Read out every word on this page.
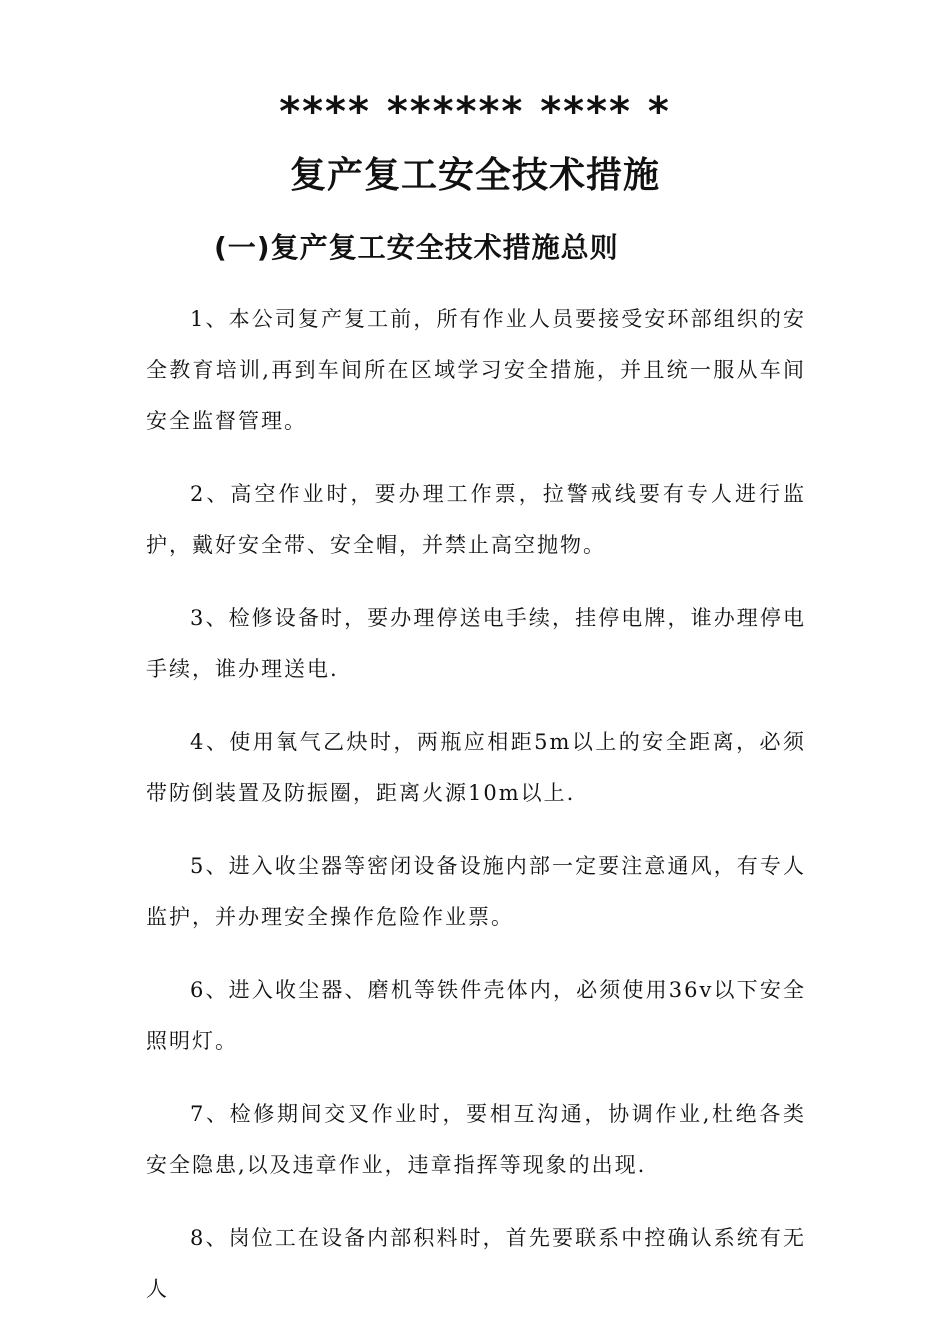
**** ****** **** *
复产复工安全技术措施
(一)复产复工安全技术措施总则

1、本公司复产复工前，所有作业人员要接受安环部组织的安全教育培训,再到车间所在区域学习安全措施，并且统一服从车间安全监督管理。

2、高空作业时，要办理工作票，拉警戒线要有专人进行监护，戴好安全带、安全帽，并禁止高空抛物。

3、检修设备时，要办理停送电手续，挂停电牌，谁办理停电手续，谁办理送电.

4、使用氧气乙炔时，两瓶应相距5m以上的安全距离，必须带防倒装置及防振圈，距离火源10m以上.

5、进入收尘器等密闭设备设施内部一定要注意通风，有专人监护，并办理安全操作危险作业票。

6、进入收尘器、磨机等铁件壳体内，必须使用36v以下安全照明灯。

7、检修期间交叉作业时，要相互沟通，协调作业,杜绝各类安全隐患,以及违章作业，违章指挥等现象的出现.

8、岗位工在设备内部积料时，首先要联系中控确认系统有无人
